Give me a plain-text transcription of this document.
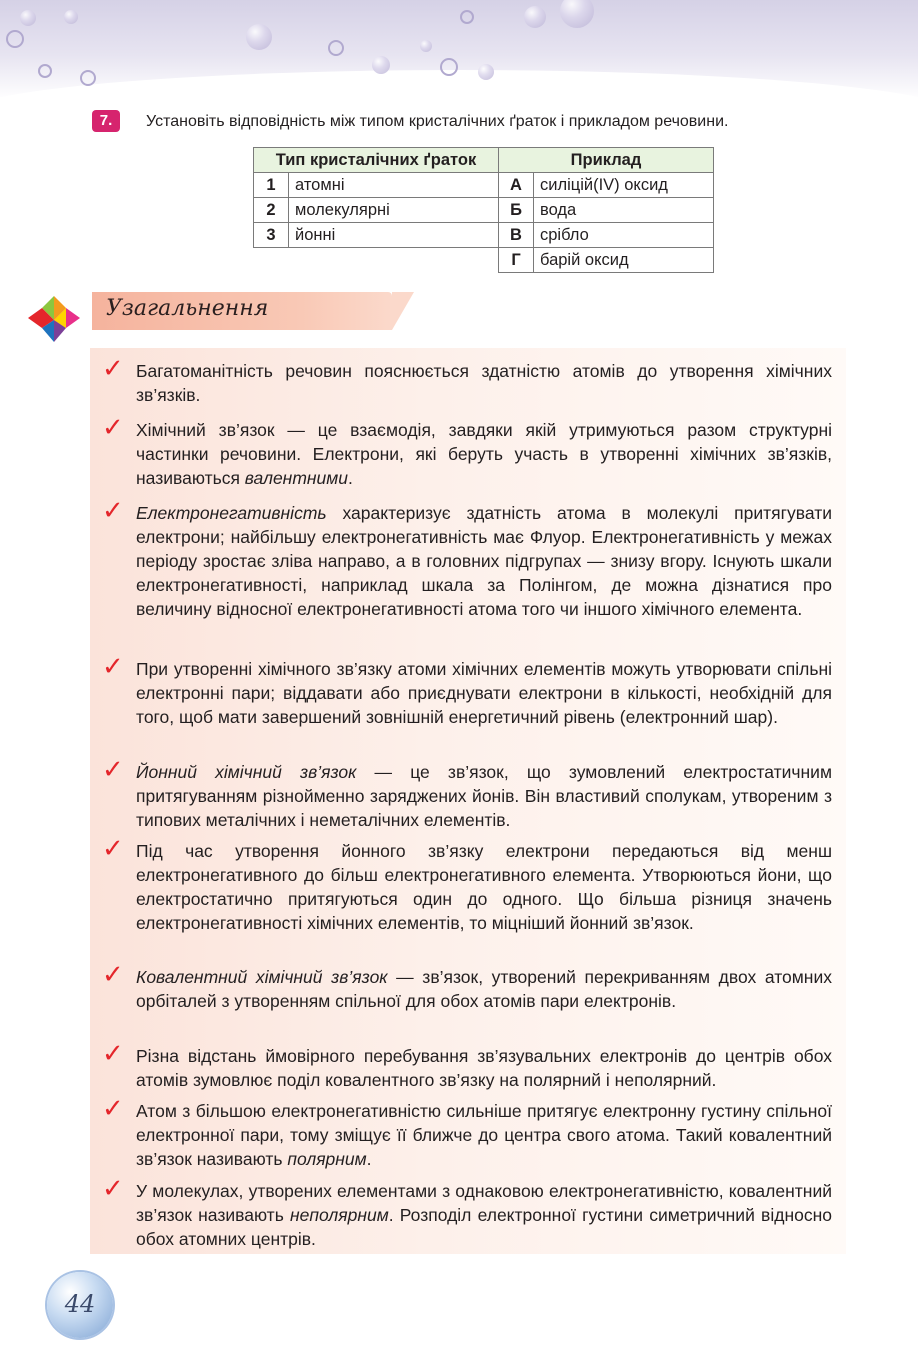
7.	Установіть відповідність між типом кристалічних ґраток і прикладом речовини.
Тип кристалічних ґраток		Приклад	
1	атомні	А	силіцій(IV) оксид
2	молекулярні	Б	вода
3	йонні	В	срібло
		Г	барій оксид
Узагальнення
✓ Багатоманітність речовин пояснюється здатністю атомів до утворення хімічних зв’язків.
✓ Хімічний зв’язок — це взаємодія, завдяки якій утримуються разом структурні частинки речовини. Електрони, які беруть участь в утворенні хімічних зв’язків, називаються валентними.
✓ Електронегативність характеризує здатність атома в молекулі притягувати електрони; найбільшу електронегативність має Флуор. Електронегативність у межах періоду зростає зліва направо, а в головних підгрупах — знизу вгору. Існують шкали електронегативності, наприклад шкала за Полінгом, де можна дізнатися про величину відносної електронегативності атома того чи іншого хімічного елемента.
✓ При утворенні хімічного зв’язку атоми хімічних елементів можуть утворювати спільні електронні пари; віддавати або приєднувати електрони в кількості, необхідній для того, щоб мати завершений зовнішній енергетичний рівень (електронний шар).
✓ Йонний хімічний зв’язок — це зв’язок, що зумовлений електростатичним притягуванням різнойменно заряджених йонів. Він властивий сполукам, утвореним з типових металічних і неметалічних елементів.
✓ Під час утворення йонного зв’язку електрони передаються від менш електронегативного до більш електронегативного елемента. Утворюються йони, що електростатично притягуються один до одного. Що більша різниця значень електронегативності хімічних елементів, то міцніший йонний зв’язок.
✓ Ковалентний хімічний зв’язок — зв’язок, утворений перекриванням двох атомних орбіталей з утворенням спільної для обох атомів пари електронів.
✓ Різна відстань ймовірного перебування зв’язувальних електронів до центрів обох атомів зумовлює поділ ковалентного зв’язку на полярний і неполярний.
✓ Атом з більшою електронегативністю сильніше притягує електронну густину спільної електронної пари, тому зміщує її ближче до центра свого атома. Такий ковалентний зв’язок називають полярним.
✓ У молекулах, утворених елементами з однаковою електронегативністю, ковалентний зв’язок називають неполярним. Розподіл електронної густини симетричний відносно обох атомних центрів.
44
